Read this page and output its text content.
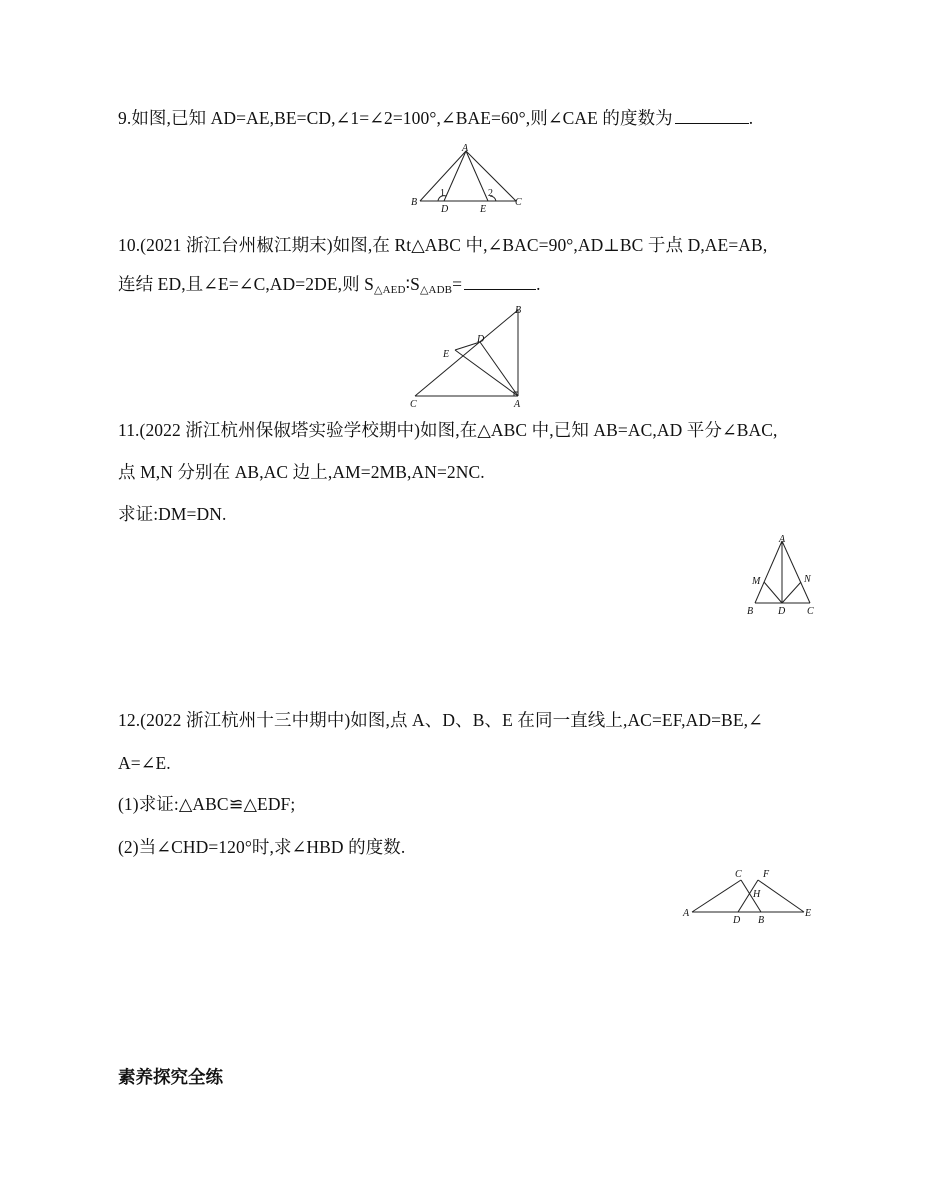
9.如图,已知 AD=AE,BE=CD,∠1=∠2=100°,∠BAE=60°,则∠CAE 的度数为	.
A
B	C
D	E
1	2
10.(2021 浙江台州椒江期末)如图,在 Rt△ABC 中,∠BAC=90°,AD⊥BC 于点 D,AE=AB,
连结 ED,且∠E=∠C,AD=2DE,则 $S_{\triangle AED}∶S_{\triangle ADB}=$	.
B
D
E
C	A
11.(2022 浙江杭州保俶塔实验学校期中)如图,在△ABC 中,已知 AB=AC,AD 平分∠BAC,
点 M,N 分别在 AB,AC 边上,AM=2MB,AN=2NC.
求证:DM=DN.
A
M	N
B D C
12.(2022 浙江杭州十三中期中)如图,点 A、D、B、E 在同一直线上,AC=EF,AD=BE,∠
A=∠E.
(1)求证:△ABC≌△EDF;
(2)当∠CHD=120°时,求∠HBD 的度数.
C F
H
A	E
D B
素养探究全练
